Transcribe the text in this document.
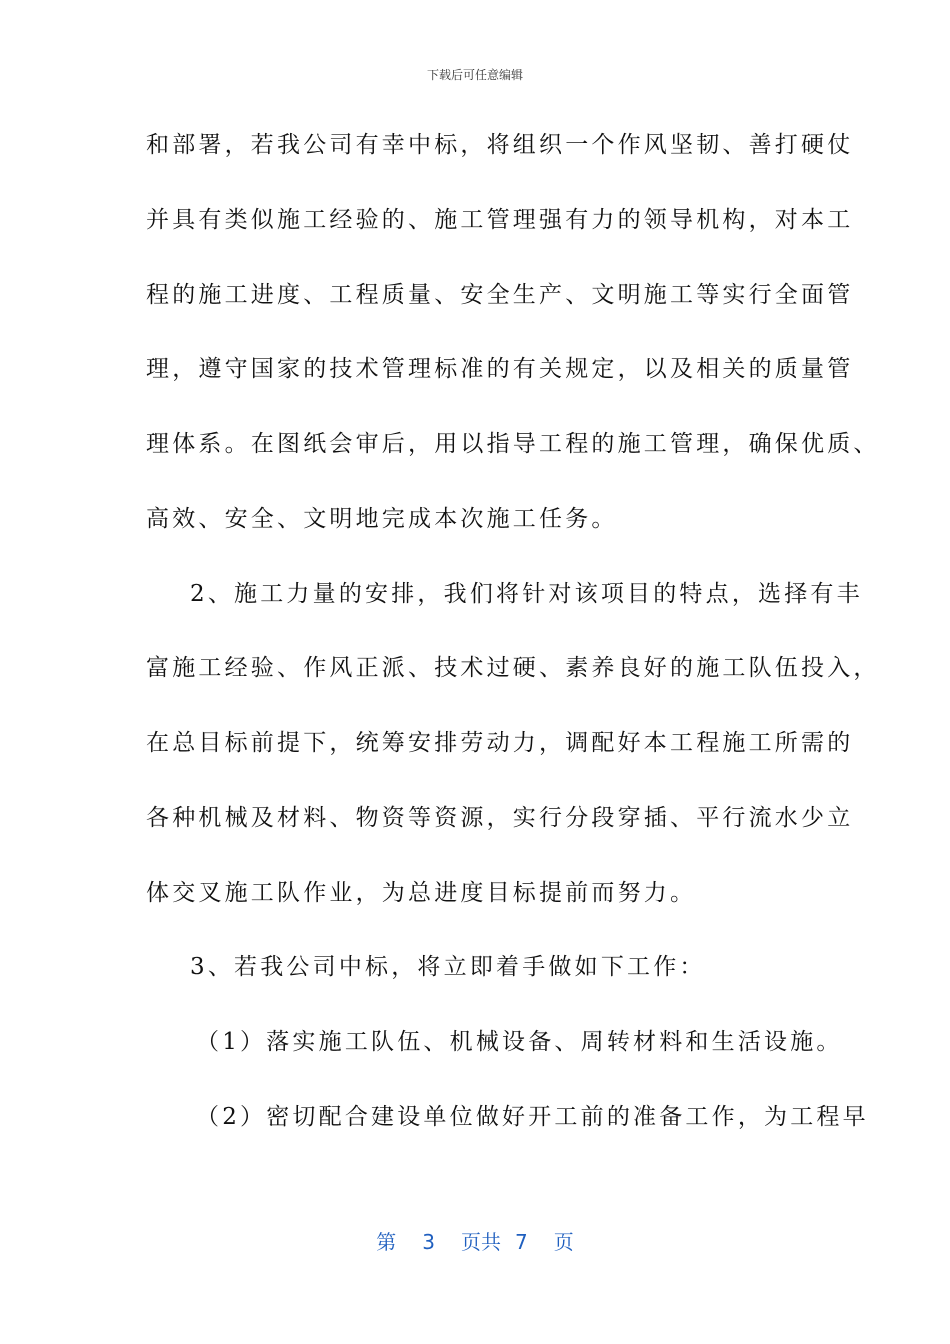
下载后可任意编辑
和部署，若我公司有幸中标，将组织一个作风坚韧、善打硬仗
并具有类似施工经验的、施工管理强有力的领导机构，对本工
程的施工进度、工程质量、安全生产、文明施工等实行全面管
理，遵守国家的技术管理标准的有关规定，以及相关的质量管
理体系。在图纸会审后，用以指导工程的施工管理，确保优质、
高效、安全、文明地完成本次施工任务。
2、施工力量的安排，我们将针对该项目的特点，选择有丰
富施工经验、作风正派、技术过硬、素养良好的施工队伍投入，
在总目标前提下，统筹安排劳动力，调配好本工程施工所需的
各种机械及材料、物资等资源，实行分段穿插、平行流水少立
体交叉施工队作业，为总进度目标提前而努力。
3、若我公司中标，将立即着手做如下工作：
（1）落实施工队伍、机械设备、周转材料和生活设施。
（2）密切配合建设单位做好开工前的准备工作，为工程早
第 3 页共 7 页
